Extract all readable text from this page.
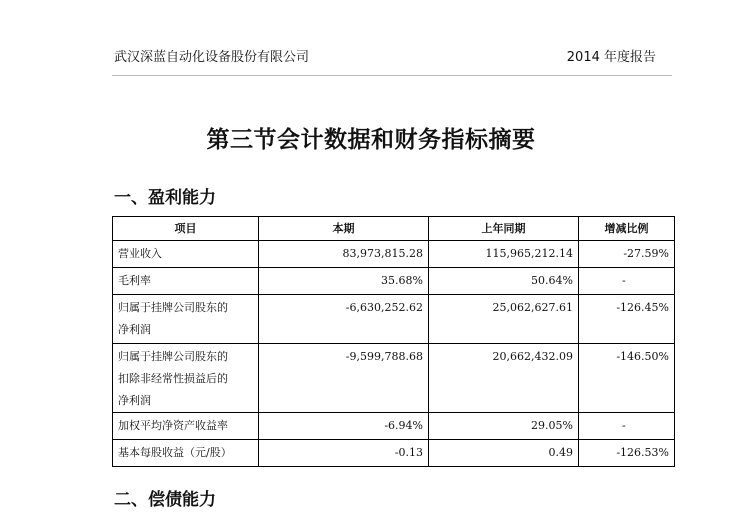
武汉深蓝自动化设备股份有限公司	2014 年度报告
第三节会计数据和财务指标摘要
一、盈利能力
项目	本期	上年同期	增减比例

营业收入	83,973,815.28	115,965,212.14	-27.59%

毛利率	35.68%	50.64%	-

归属于挂牌公司股东的
净利润	-6,630,252.62	25,062,627.61	-126.45%

归属于挂牌公司股东的
扣除非经常性损益后的
净利润	-9,599,788.68	20,662,432.09	-146.50%

加权平均净资产收益率	-6.94%	29.05%	-

基本每股收益（元/股）	-0.13	0.49	-126.53%
二、偿债能力
